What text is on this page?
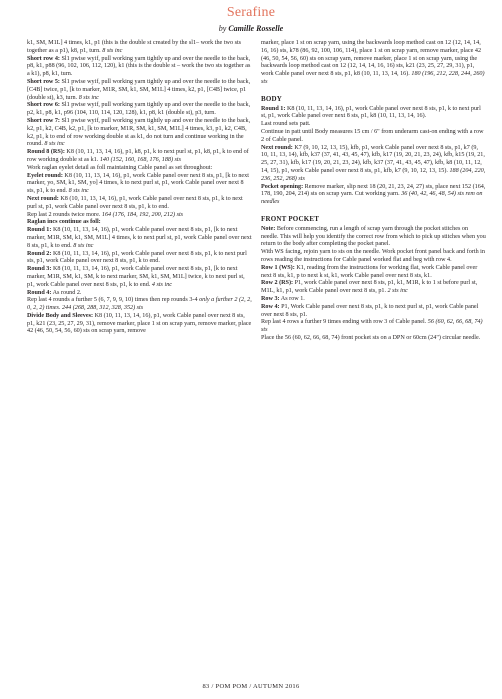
Serafine
by Camille Rosselle

k1, SM, M1L] 4 times, k1, p1 (this is the double st created by the sl1– work the two sts together as a p1), k8, p1, turn. 8 sts inc

Short row 4: Sl1 pwise wyif, pull working yarn tightly up and over the needle to the back, p8, k1, p88 (96, 102, 106, 112, 120), k1 (this is the double st – work the two sts together as a k1), p8, k1, turn.

Short row 5: Sl1 pwise wyif, pull working yarn tightly up and over the needle to the back, [C4B] twice, p1, [k to marker, M1R, SM, k1, SM, M1L] 4 times, k2, p1, [C4B] twice, p1 (double st), k3, turn. 8 sts inc

Short row 6: Sl1 pwise wyif, pull working yarn tightly up and over the needle to the back, p2, k1, p8, k1, p96 (104, 110, 114, 120, 128), k1, p8, k1 (double st), p3, turn.

Short row 7: Sl1 pwise wyif, pull working yarn tightly up and over the needle to the back, k2, p1, k2, C4B, k2, p1, [k to marker, M1R, SM, k1, SM, M1L] 4 times, k3, p1, k2, C4B, k2, p1, k to end of row working double st as k1, do not turn and continue working in the round. 8 sts inc

Round 8 (RS): K8 (10, 11, 13, 14, 16), p1, k8, p1, k to next purl st, p1, k8, p1, k to end of row working double st as k1. 140 (152, 160, 168, 176, 188) sts

Work raglan eyelet detail as foll maintaining Cable panel as set throughout:

Eyelet round: K8 (10, 11, 13, 14, 16), p1, work Cable panel over next 8 sts, p1, [k to next marker, yo, SM, k1, SM, yo] 4 times, k to next purl st, p1, work Cable panel over next 8 sts, p1, k to end. 8 sts inc

Next round: K8 (10, 11, 13, 14, 16), p1, work Cable panel over next 8 sts, p1, k to next purl st, p1, work Cable panel over next 8 sts, p1, k to end.

Rep last 2 rounds twice more. 164 (176, 184, 192, 200, 212) sts

Raglan incs continue as foll:

Round 1: K8 (10, 11, 13, 14, 16), p1, work Cable panel over next 8 sts, p1, [k to next marker, M1R, SM, k1, SM, M1L] 4 times, k to next purl st, p1, work Cable panel over next 8 sts, p1, k to end. 8 sts inc

Round 2: K8 (10, 11, 13, 14, 16), p1, work Cable panel over next 8 sts, p1, k to next purl sts, p1, work Cable panel over next 8 sts, p1, k to end.

Round 3: K8 (10, 11, 13, 14, 16), p1, work Cable panel over next 8 sts, p1, [k to next marker, M1R, SM, k1, SM, k to next marker, SM, k1, SM, M1L] twice, k to next purl st, p1, work Cable panel over next 8 sts, p1, k to end. 4 sts inc

Round 4: As round 2.

Rep last 4 rounds a further 5 (6, 7, 9, 9, 10) times then rep rounds 3-4 only a further 2 (2, 2, 0, 2, 2) times. 244 (268, 288, 312, 328, 352) sts

Divide Body and Sleeves: K8 (10, 11, 13, 14, 16), p1, work Cable panel over next 8 sts, p1, k21 (23, 25, 27, 29, 31), remove marker, place 1 st on scrap yarn, remove marker, place 42 (46, 50, 54, 56, 60) sts on scrap yarn, remove

marker, place 1 st on scrap yarn, using the backwards loop method cast on 12 (12, 14, 14, 16, 16) sts, k78 (86, 92, 100, 106, 114), place 1 st on scrap yarn, remove marker, place 42 (46, 50, 54, 56, 60) sts on scrap yarn, remove marker, place 1 st on scrap yarn, using the backwards loop method cast on 12 (12, 14, 14, 16, 16) sts, k21 (23, 25, 27, 29, 31), p1, work Cable panel over next 8 sts, p1, k8 (10, 11, 13, 14, 16). 180 (196, 212, 228, 244, 260) sts

BODY

Round 1: K8 (10, 11, 13, 14, 16), p1, work Cable panel over next 8 sts, p1, k to next purl st, p1, work Cable panel over next 8 sts, p1, k8 (10, 11, 13, 14, 16).

Last round sets patt.

Continue in patt until Body measures 15 cm / 6" from underarm cast-on ending with a row 2 of Cable panel.

Next round: K7 (9, 10, 12, 13, 15), kfb, p1, work Cable panel over next 8 sts, p1, k7 (9, 10, 11, 13, 14), kfb, k37 (37, 41, 43, 45, 47), kfb, k17 (19, 20, 21, 23, 24), kfb, k15 (19, 21, 25, 27, 31), kfb, k17 (19, 20, 21, 23, 24), kfb, k37 (37, 41, 43, 45, 47), kfb, k8 (10, 11, 12, 14, 15), p1, work Cable panel over next 8 sts, p1, kfb, k7 (9, 10, 12, 13, 15). 188 (204, 220, 236, 252, 268) sts

Pocket opening: Remove marker, slip next 18 (20, 21, 23, 24, 27) sts, place next 152 (164, 178, 190, 204, 214) sts on scrap yarn. Cut working yarn. 36 (40, 42, 46, 48, 54) sts rem on needles

FRONT POCKET

Note: Before commencing, run a length of scrap yarn through the pocket stitches on needle. This will help you identify the correct row from which to pick up stitches when you return to the body after completing the pocket panel.

With WS facing, rejoin yarn to sts on the needle. Work pocket front panel back and forth in rows reading the instructions for Cable panel worked flat and beg with row 4.

Row 1 (WS): K1, reading from the instructions for working flat, work Cable panel over next 8 sts, k1, p to next k st, k1, work Cable panel over next 8 sts, k1.

Row 2 (RS): P1, work Cable panel over next 8 sts, p1, k1, M1R, k to 1 st before purl st, M1L, k1, p1, work Cable panel over next 8 sts, p1. 2 sts inc

Row 3: As row 1.

Row 4: P1, Work Cable panel over next 8 sts, p1, k to next purl st, p1, work Cable panel over next 8 sts, p1.

Rep last 4 rows a further 9 times ending with row 3 of Cable panel. 56 (60, 62, 66, 68, 74) sts

Place the 56 (60, 62, 66, 68, 74) front pocket sts on a DPN or 60cm (24") circular needle.

83 / POM POM / AUTUMN 2016
